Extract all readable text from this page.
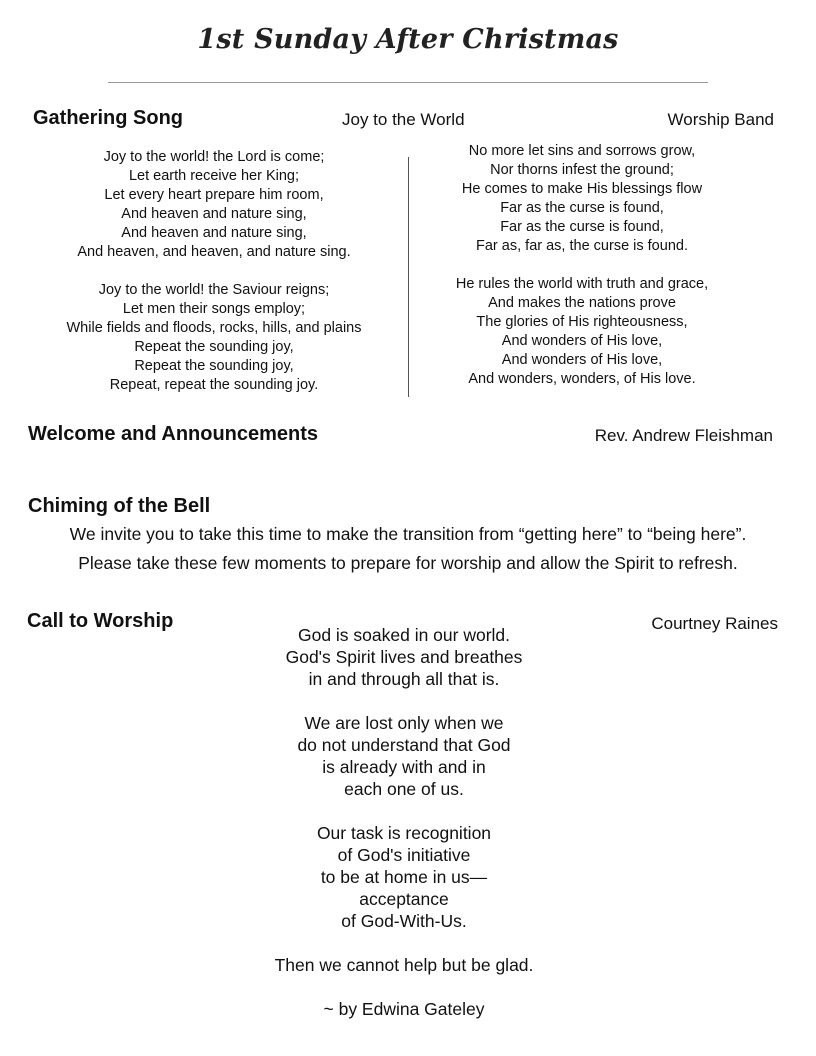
1st Sunday After Christmas
Gathering Song	Joy to the World	Worship Band
Joy to the world! the Lord is come;
Let earth receive her King;
Let every heart prepare him room,
And heaven and nature sing,
And heaven and nature sing,
And heaven, and heaven, and nature sing.
Joy to the world! the Saviour reigns;
Let men their songs employ;
While fields and floods, rocks, hills, and plains
Repeat the sounding joy,
Repeat the sounding joy,
Repeat, repeat the sounding joy.
No more let sins and sorrows grow,
Nor thorns infest the ground;
He comes to make His blessings flow
Far as the curse is found,
Far as the curse is found,
Far as, far as, the curse is found.
He rules the world with truth and grace,
And makes the nations prove
The glories of His righteousness,
And wonders of His love,
And wonders of His love,
And wonders, wonders, of His love.
Welcome and Announcements	Rev. Andrew Fleishman
Chiming of the Bell
We invite you to take this time to make the transition from “getting here” to “being here”.
Please take these few moments to prepare for worship and allow the Spirit to refresh.
Call to Worship	Courtney Raines
God is soaked in our world.
God's Spirit lives and breathes
in and through all that is.
We are lost only when we
do not understand that God
is already with and in
each one of us.
Our task is recognition
of God's initiative
to be at home in us—
acceptance
of God-With-Us.
Then we cannot help but be glad.
~ by Edwina Gateley
